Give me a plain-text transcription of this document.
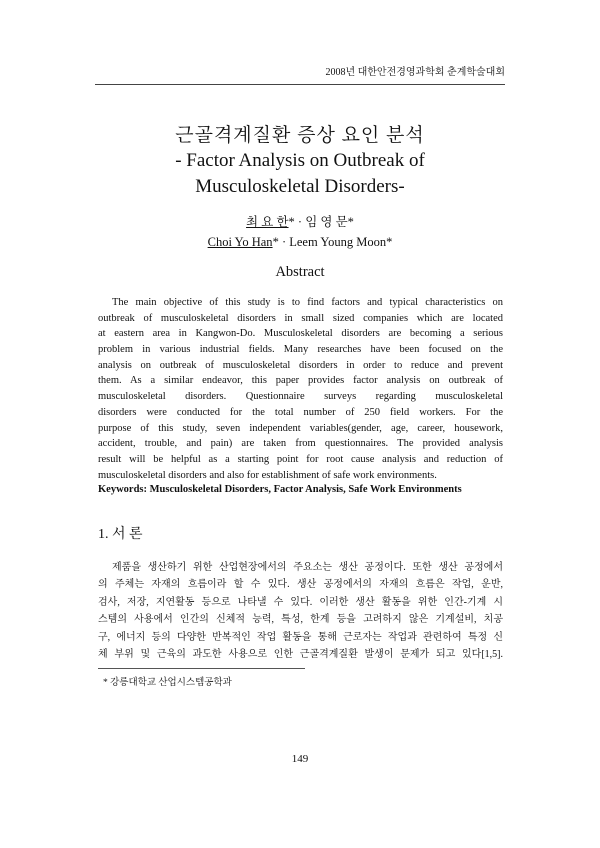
2008년 대한안전경영과학회 춘계학술대회
근골격계질환 증상 요인 분석
- Factor Analysis on Outbreak of
Musculoskeletal Disorders-
최 요 한* · 임 영 문*
Choi Yo Han* · Leem Young Moon*
Abstract
The main objective of this study is to find factors and typical characteristics on
outbreak of musculoskeletal disorders in small sized companies which are located
at eastern area in Kangwon-Do. Musculoskeletal disorders are becoming a serious
problem in various industrial fields. Many researches have been focused on the
analysis on outbreak of musculoskeletal disorders in order to reduce and prevent
them. As a similar endeavor, this paper provides factor analysis on outbreak of
musculoskeletal disorders. Questionnaire surveys regarding musculoskeletal
disorders were conducted for the total number of 250 field workers. For the
purpose of this study, seven independent variables(gender, age, career, housework,
accident, trouble, and pain) are taken from questionnaires. The provided analysis
result will be helpful as a starting point for root cause analysis and reduction of
musculoskeletal disorders and also for establishment of safe work environments.
Keywords: Musculoskeletal Disorders, Factor Analysis, Safe Work Environments
1. 서 론
제품을 생산하기 위한 산업현장에서의 주요소는 생산 공정이다. 또한 생산 공정에서
의 주체는 자재의 흐름이라 할 수 있다. 생산 공정에서의 자재의 흐름은 작업, 운반,
검사, 저장, 지연활동 등으로 나타낼 수 있다. 이러한 생산 활동을 위한 인간-기계 시
스템의 사용에서 인간의 신체적 능력, 특성, 한계 등을 고려하지 않은 기계설비, 치공
구, 에너지 등의 다양한 반복적인 작업 활동을 통해 근로자는 작업과 관련하여 특정 신
체 부위 및 근육의 과도한 사용으로 인한 근골격계질환 발생이 문제가 되고 있다[1,5].
* 강릉대학교 산업시스템공학과
149
